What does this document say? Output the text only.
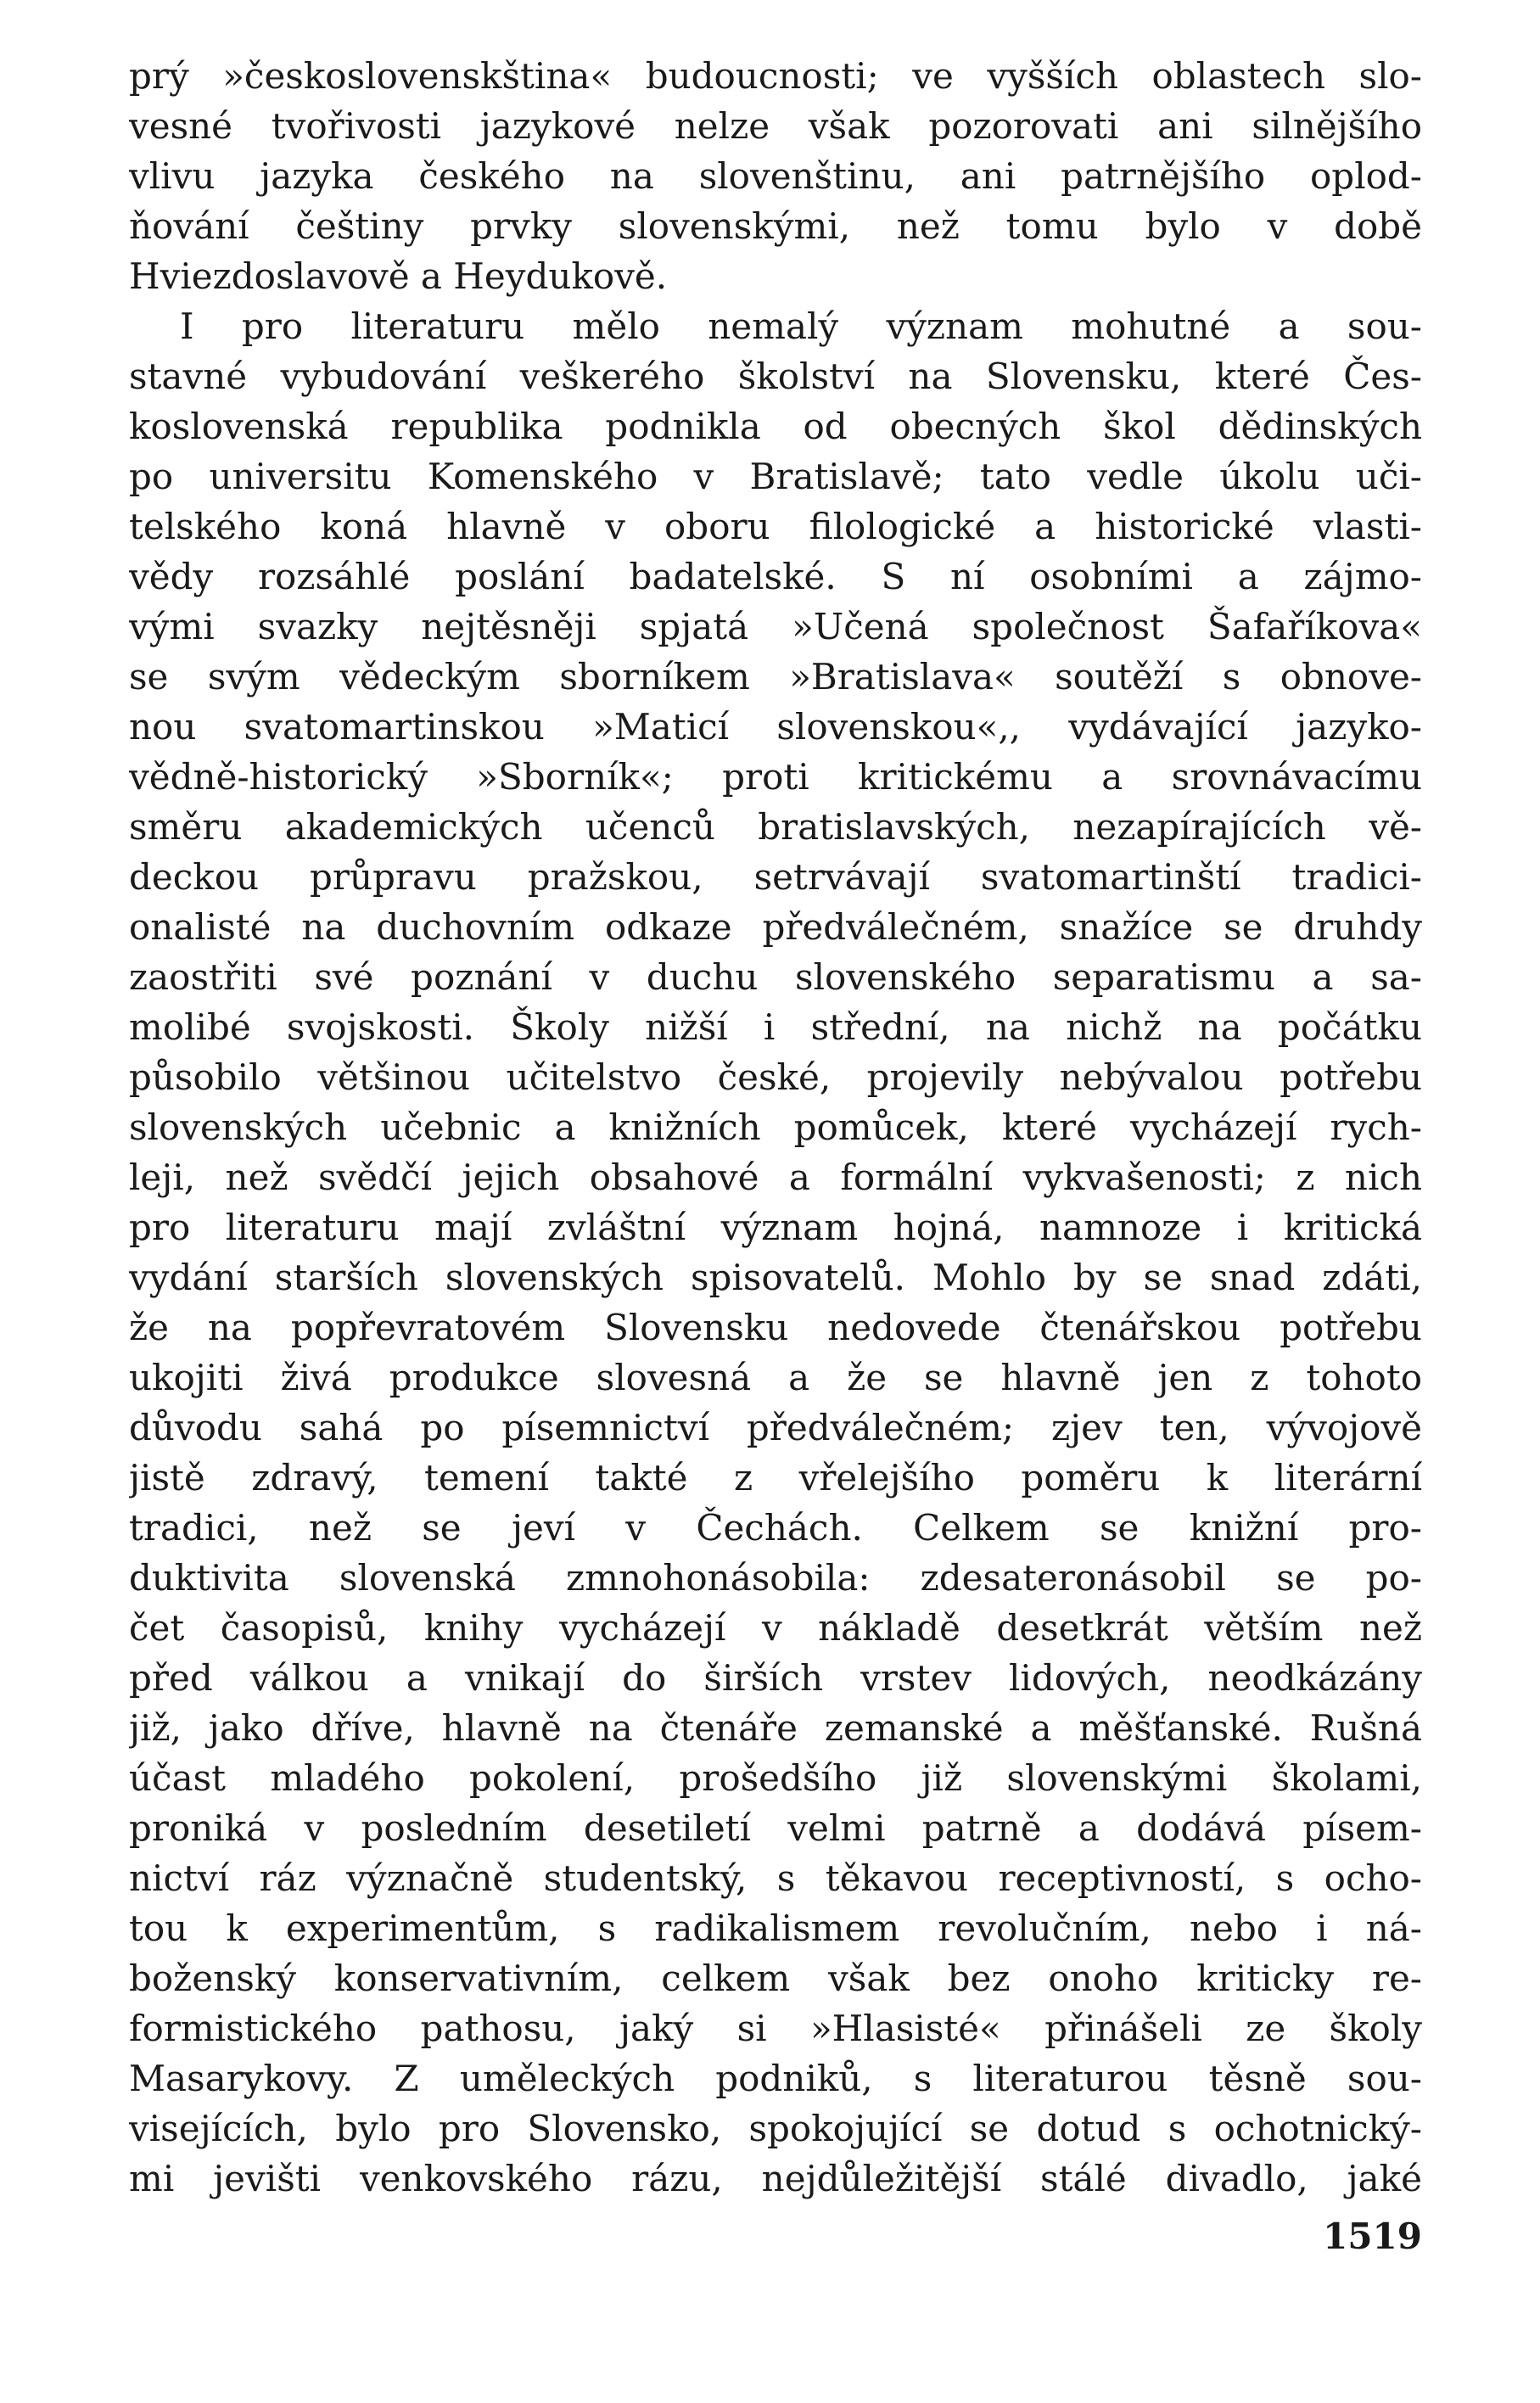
prý »československština« budoucnosti; ve vyšších oblastech slo-
vesné tvořivosti jazykové nelze však pozorovati ani silnějšího
vlivu jazyka českého na slovenštinu, ani patrnějšího oplod-
ňování češtiny prvky slovenskými, než tomu bylo v době
Hviezdoslavově a Heydukově.
I pro literaturu mělo nemalý význam mohutné a sou-
stavné vybudování veškerého školství na Slovensku, které Čes-
koslovenská republika podnikla od obecných škol dědinských
po universitu Komenského v Bratislavě; tato vedle úkolu uči-
telského koná hlavně v oboru filologické a historické vlasti-
vědy rozsáhlé poslání badatelské. S ní osobními a zájmo-
vými svazky nejtěsněji spjatá »Učená společnost Šafaříkova«
se svým vědeckým sborníkem »Bratislava« soutěží s obnove-
nou svatomartinskou »Maticí slovenskou«,, vydávající jazyko-
vědně-historický »Sborník«; proti kritickému a srovnávacímu
směru akademických učenců bratislavských, nezapírajících vě-
deckou průpravu pražskou, setrvávají svatomartinští tradici-
onalisté na duchovním odkaze předválečném, snažíce se druhdy
zaostřiti své poznání v duchu slovenského separatismu a sa-
molibé svojskosti. Školy nižší i střední, na nichž na počátku
působilo většinou učitelstvo české, projevily nebývalou potřebu
slovenských učebnic a knižních pomůcek, které vycházejí rych-
leji, než svědčí jejich obsahové a formální vykvašenosti; z nich
pro literaturu mají zvláštní význam hojná, namnoze i kritická
vydání starších slovenských spisovatelů. Mohlo by se snad zdáti,
že na popřevratovém Slovensku nedovede čtenářskou potřebu
ukojiti živá produkce slovesná a že se hlavně jen z tohoto
důvodu sahá po písemnictví předválečném; zjev ten, vývojově
jistě zdravý, temení takté z vřelejšího poměru k literární
tradici, než se jeví v Čechách. Celkem se knižní pro-
duktivita slovenská zmnohonásobila: zdesateronásobil se po-
čet časopisů, knihy vycházejí v nákladě desetkrát větším než
před válkou a vnikají do širších vrstev lidových, neodkázány
již, jako dříve, hlavně na čtenáře zemanské a měšťanské. Rušná
účast mladého pokolení, prošedšího již slovenskými školami,
proniká v posledním desetiletí velmi patrně a dodává písem-
nictví ráz význačně studentský, s těkavou receptivností, s ocho-
tou k experimentům, s radikalismem revolučním, nebo i ná-
boženský konservativním, celkem však bez onoho kriticky re-
formistického pathosu, jaký si »Hlasisté« přinášeli ze školy
Masarykovy. Z uměleckých podniků, s literaturou těsně sou-
visejících, bylo pro Slovensko, spokojující se dotud s ochotnický-
mi jevišti venkovského rázu, nejdůležitější stálé divadlo, jaké
1519
